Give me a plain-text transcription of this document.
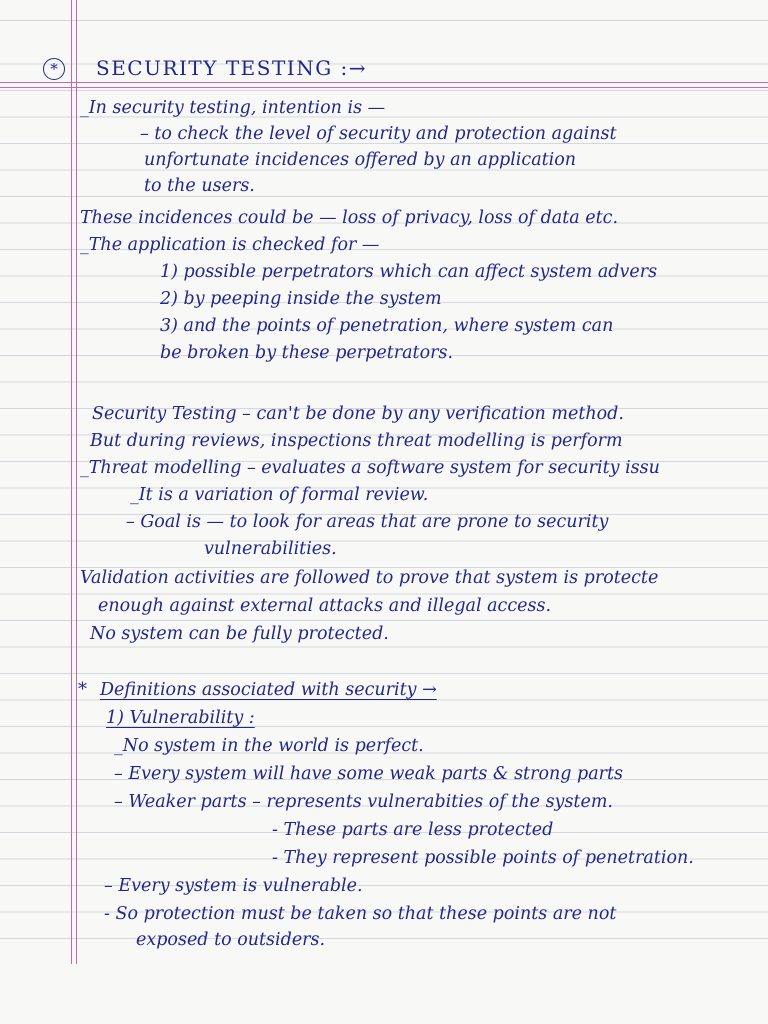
* SECURITY TESTING :→
_In security testing, intention is —
– to check the level of security and protection against
unfortunate incidences offered by an application
to the users.
These incidences could be — loss of privacy, loss of data etc.
_The application is checked for —
1) possible perpetrators which can affect system advers
2) by peeping inside the system
3) and the points of penetration, where system can
be broken by these perpetrators.
Security Testing – can't be done by any verification method.
But during reviews, inspections threat modelling is perform
_Threat modelling – evaluates a software system for security issu
_It is a variation of formal review.
– Goal is — to look for areas that are prone to security
vulnerabilities.
Validation activities are followed to prove that system is protecte
enough against external attacks and illegal access.
No system can be fully protected.
* Definitions associated with security →
1) Vulnerability :
_No system in the world is perfect.
– Every system will have some weak parts & strong parts
– Weaker parts – represents vulnerabities of the system.
- These parts are less protected
- They represent possible points of penetration.
– Every system is vulnerable.
- So protection must be taken so that these points are not
exposed to outsiders.
